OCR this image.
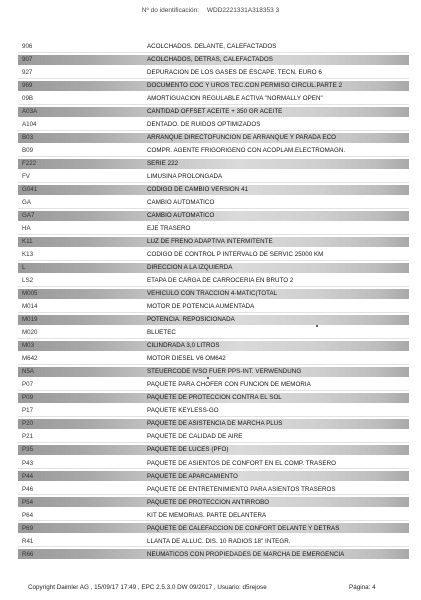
Nº do identificación: WDD2221331A318353 3
906	ACOLCHADOS. DELANTE, CALEFACTADOS
907	ACOLCHADOS, DETRAS, CALEFACTADOS
927	DEPURACION DE LOS GASES DE ESCAPE. TECN. EURO 6
969	DOCUMENTO COC Y UROS TEC.CON PERMISO CIRCUL.PARTE 2
09B	AMORTIGUACION REGULABLE ACTIVA "NORMALLY OPEN"
A03A	CANTIDAD OFFSET ACEITE + 350 GR ACEITE
A104	DENTADO. DE RUIDOS OPTIMIZADOS
B03	ARRANQUE DIRECTOFUNCION DE ARRANQUE Y PARADA ECO
B09	COMPR. AGENTE FRIGORIGENO CON ACOPLAM.ELECTROMAGN.
F222	SERIE 222
FV	LIMUSINA PROLONGADA
G041	CODIGO DE CAMBIO VERSION 41
GA	CAMBIO AUTOMATICO
GA7	CAMBIO AUTOMATICO
HA	EJE TRASERO
K11	LUZ DE FRENO ADAPTIVA INTERMITENTE
K13	CODIGO DE CONTROL P INTERVALO DE SERVIC 25000 KM
L	DIRECCION A LA IZQUIERDA
LS2	ETAPA DE CARGA DE CARROCERIA EN BRUTO 2
M005	VEHICULO CON TRACCION 4-MATIC(TOTAL
M014	MOTOR DE POTENCIA AUMENTADA
M019	POTENCIA. REPOSICIONADA
M020	BLUETEC
M03	CILINDRADA 3,0 LITROS
M642	MOTOR DIESEL V6 OM642
N5A	STEUERCODE IVSO FUER PPS-INT. VERWENDUNG
P07	PAQUETE PARA CHOFER CON FUNCION DE MEMORIA
P09	PAQUETE DE PROTECCION CONTRA EL SOL
P17	PAQUETE KEYLESS-GO
P20	PAQUETE DE ASISTENCIA DE MARCHA PLUS
P21	PAQUETE DE CALIDAD DE AIRE
P35	PAQUETE DE LUCES (PFO)
P43	PAQUETE DE ASIENTOS DE CONFORT EN EL COMP. TRASERO
P44	PAQUETE DE APARCAMIENTO
P46	PAQUETE DE ENTRETENIMIENTO PARA ASIENTOS TRASEROS
P54	PAQUETE DE PROTECCION ANTIRROBO
P64	KIT DE MEMORIAS. PARTE DELANTERA
P69	PAQUETE DE CALEFACCION DE CONFORT DELANTE Y DETRAS
R41	LLANTA DE ALLUC. DIS. 10 RADIOS 18" INTEGR.
R66	NEUMATICOS CON PROPIEDADES DE MARCHA DE EMERGENCIA
Copyright Daimler AG , 15/09/17 17:49 , EPC 2.5.3.0 DW 09/2017 , Usuario: d5rejose	Página: 4
